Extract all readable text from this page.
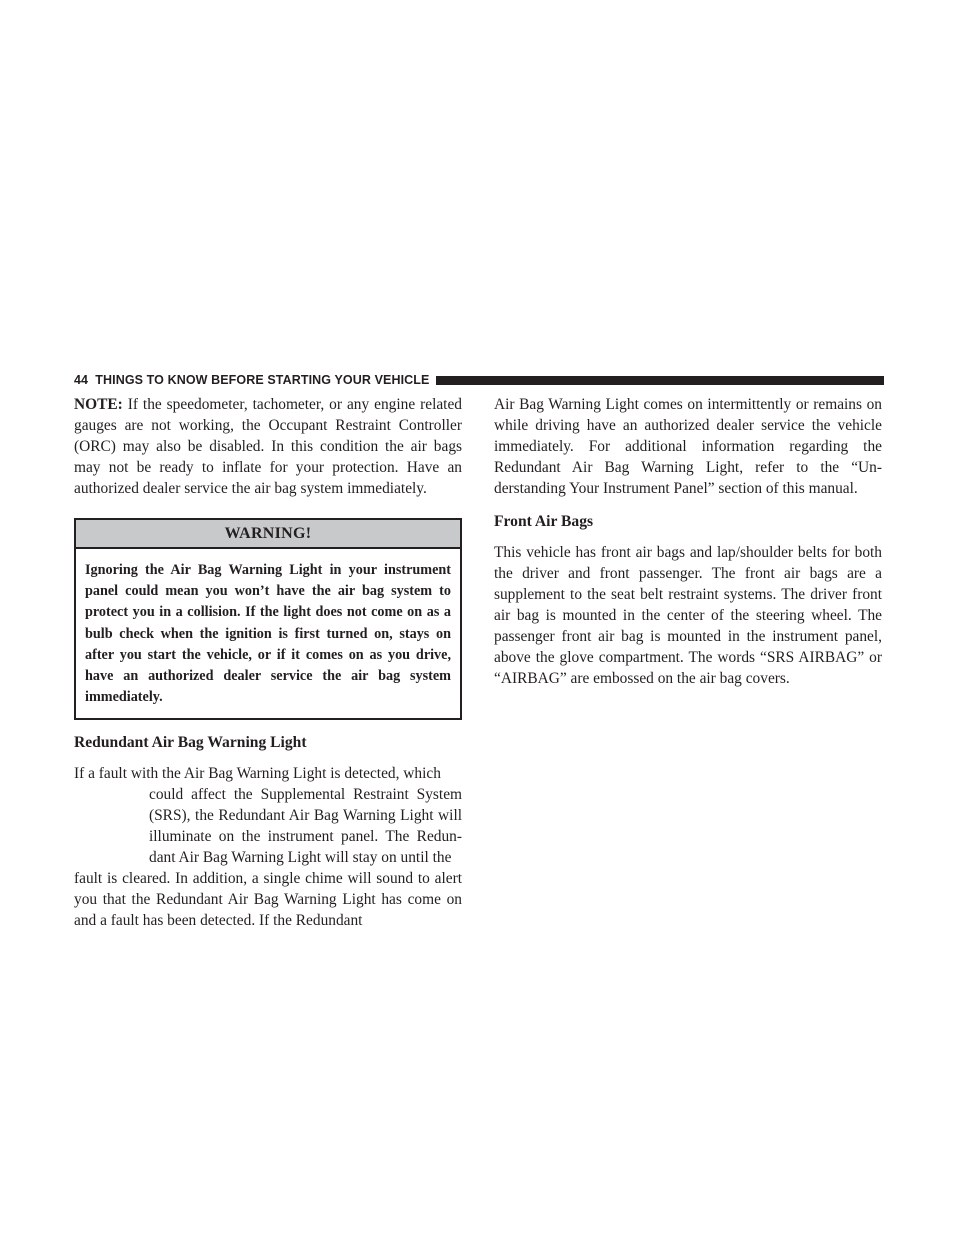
44 THINGS TO KNOW BEFORE STARTING YOUR VEHICLE

NOTE: If the speedometer, tachometer, or any engine related gauges are not working, the Occupant Restraint Controller (ORC) may also be disabled. In this condition the air bags may not be ready to inflate for your protection. Have an authorized dealer service the air bag system immediately.

WARNING!
Ignoring the Air Bag Warning Light in your instrument panel could mean you won’t have the air bag system to protect you in a collision. If the light does not come on as a bulb check when the ignition is first turned on, stays on after you start the vehicle, or if it comes on as you drive, have an authorized dealer service the air bag system immediately.
Redundant Air Bag Warning Light

If a fault with the Air Bag Warning Light is detected, which

could affect the Supplemental Restraint System (SRS), the Redundant Air Bag Warning Light will illuminate on the instrument panel. The Redun-dant Air Bag Warning Light will stay on until the

fault is cleared. In addition, a single chime will sound to alert you that the Redundant Air Bag Warning Light has come on and a fault has been detected. If the Redundant

Air Bag Warning Light comes on intermittently or remains on while driving have an authorized dealer service the vehicle immediately. For additional information regarding the Redundant Air Bag Warning Light, refer to the “Un-derstanding Your Instrument Panel” section of this manual.

Front Air Bags

This vehicle has front air bags and lap/shoulder belts for both the driver and front passenger. The front air bags are a supplement to the seat belt restraint systems. The driver front air bag is mounted in the center of the steering wheel. The passenger front air bag is mounted in the instrument panel, above the glove compartment. The words “SRS AIRBAG” or “AIRBAG” are embossed on the air bag covers.
